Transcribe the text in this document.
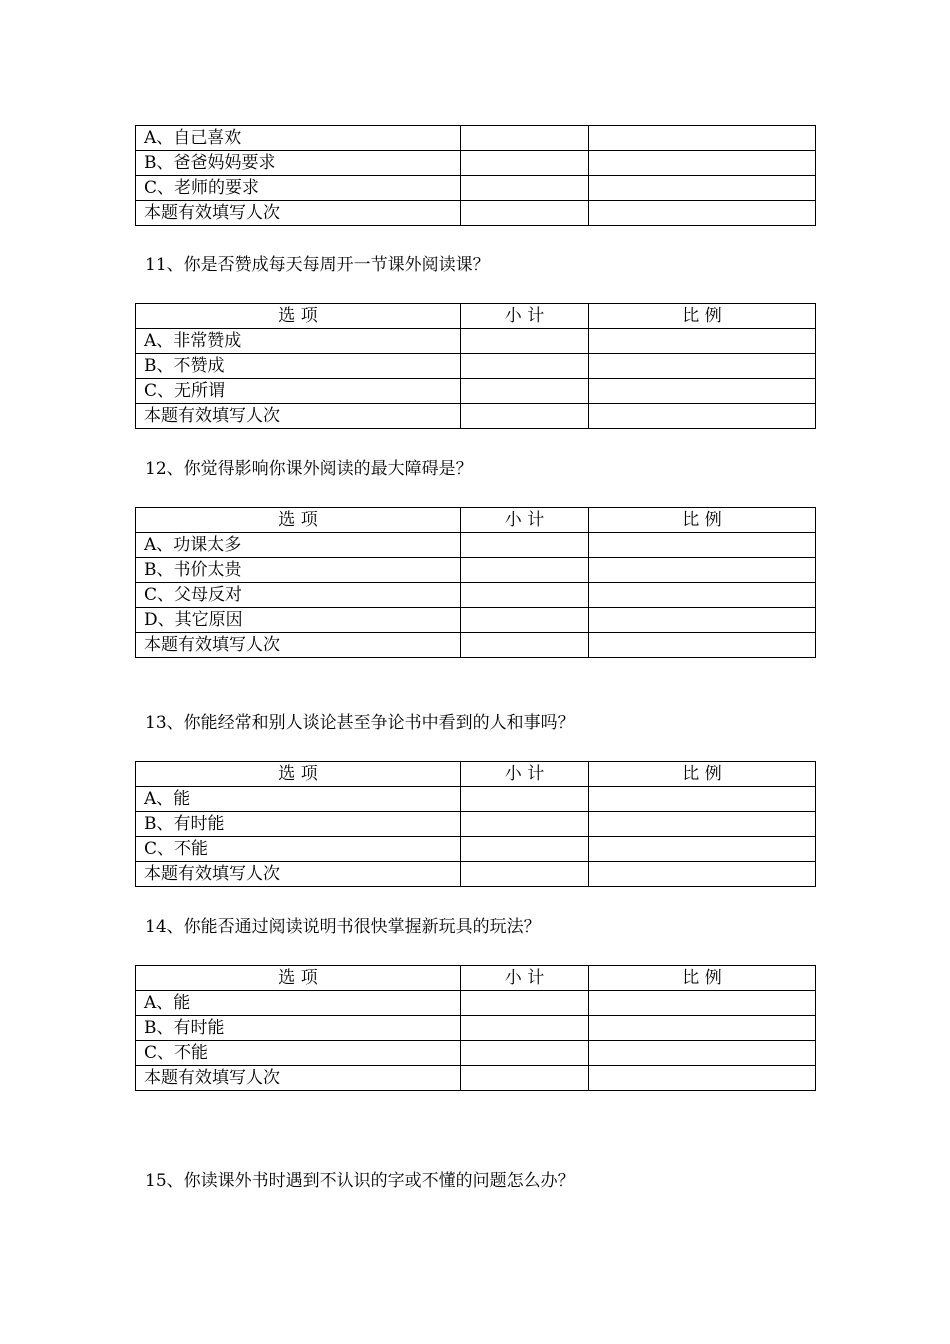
A、自己喜欢		
B、爸爸妈妈要求		
C、老师的要求		
本题有效填写人次		

11、你是否赞成每天每周开一节课外阅读课？

选 项	小 计	比 例
A、非常赞成		
B、不赞成		
C、无所谓		
本题有效填写人次		

12、你觉得影响你课外阅读的最大障碍是？

选 项	小 计	比 例
A、功课太多		
B、书价太贵		
C、父母反对		
D、其它原因		
本题有效填写人次		

13、你能经常和别人谈论甚至争论书中看到的人和事吗？

选 项	小 计	比 例
A、能		
B、有时能		
C、不能		
本题有效填写人次		

14、你能否通过阅读说明书很快掌握新玩具的玩法？

选 项	小 计	比 例
A、能		
B、有时能		
C、不能		
本题有效填写人次		

15、你读课外书时遇到不认识的字或不懂的问题怎么办？
